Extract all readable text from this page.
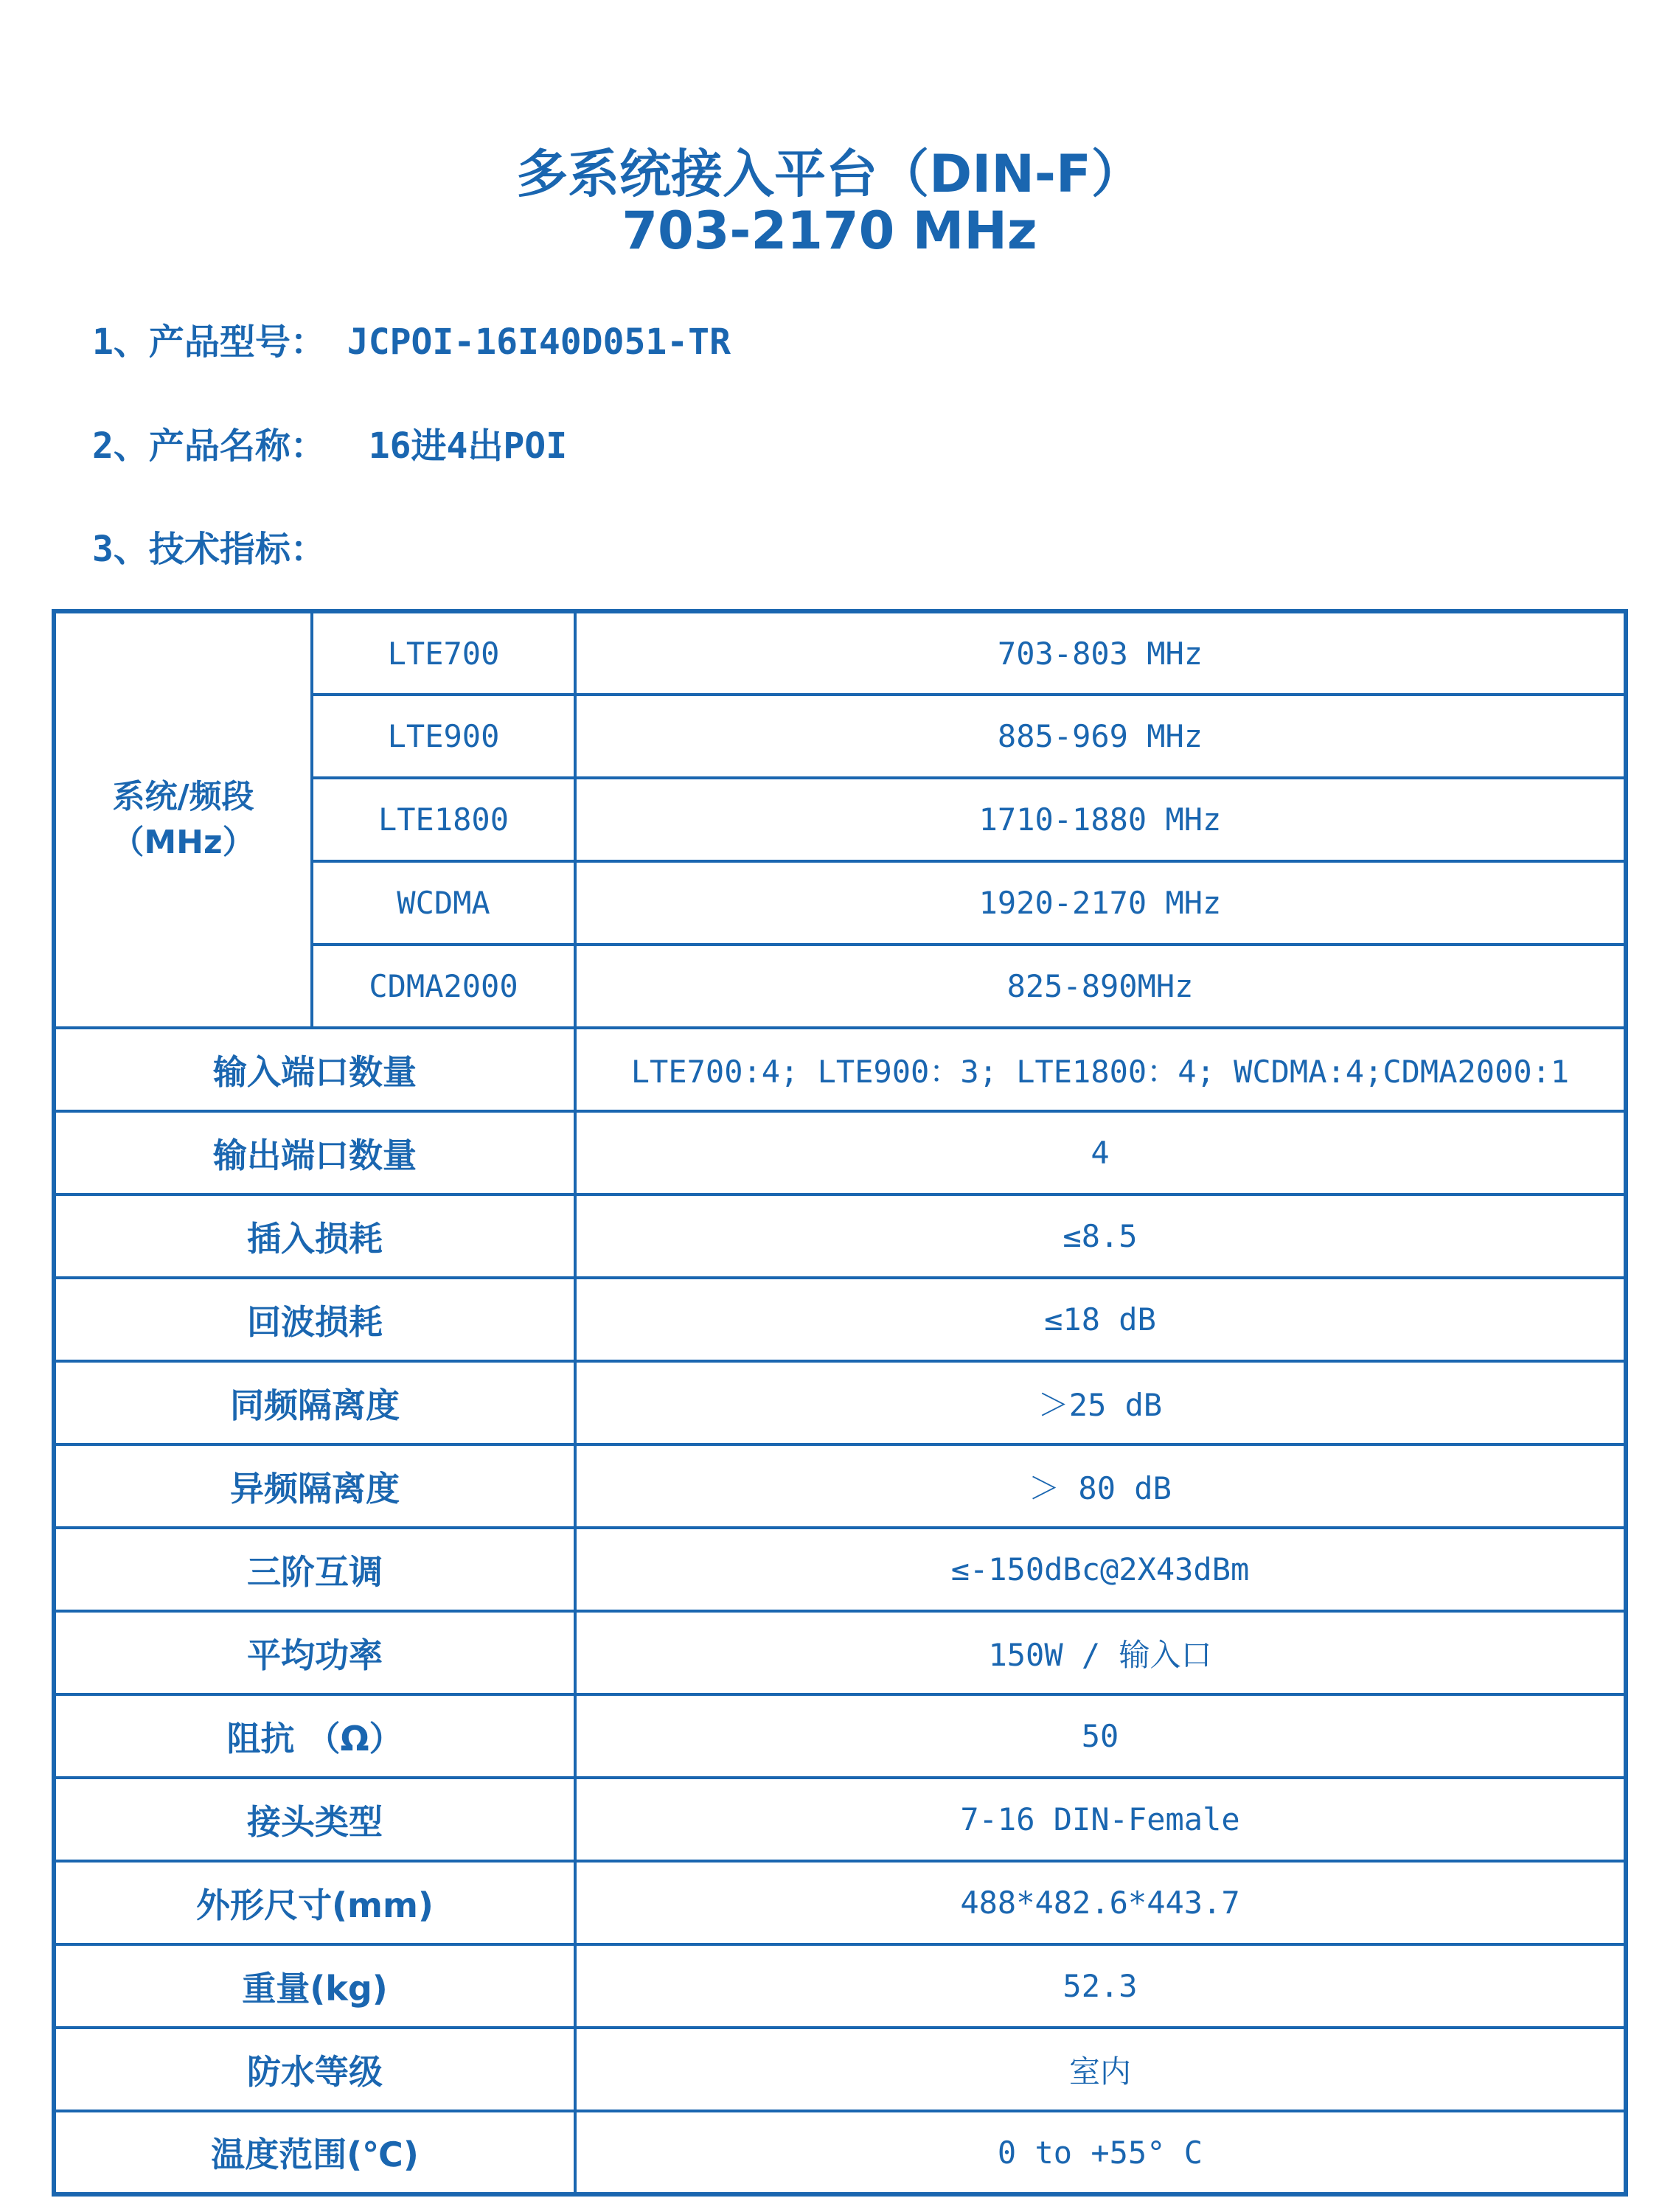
多系统接入平台（DIN-F）
703-2170 MHz
1、产品型号： JCPOI-16I40D051-TR
2、产品名称：  16进4出POI
3、技术指标：
系统/频段
（MHz）	LTE700	703-803 MHz
	LTE900	885-969 MHz
	LTE1800	1710-1880 MHz
	WCDMA	1920-2170 MHz
	CDMA2000	825-890MHz
输入端口数量		LTE700:4; LTE900：3; LTE1800：4; WCDMA:4;CDMA2000:1
输出端口数量		4
插入损耗		≤8.5
回波损耗		≤18 dB
同频隔离度		＞25 dB
异频隔离度		＞ 80 dB
三阶互调		≤-150dBc@2X43dBm
平均功率		150W / 输入口
阻抗 （Ω）		50
接头类型		7-16 DIN-Female
外形尺寸(mm)		488*482.6*443.7
重量(kg)		52.3
防水等级		室内
温度范围(℃)		0 to +55° C
